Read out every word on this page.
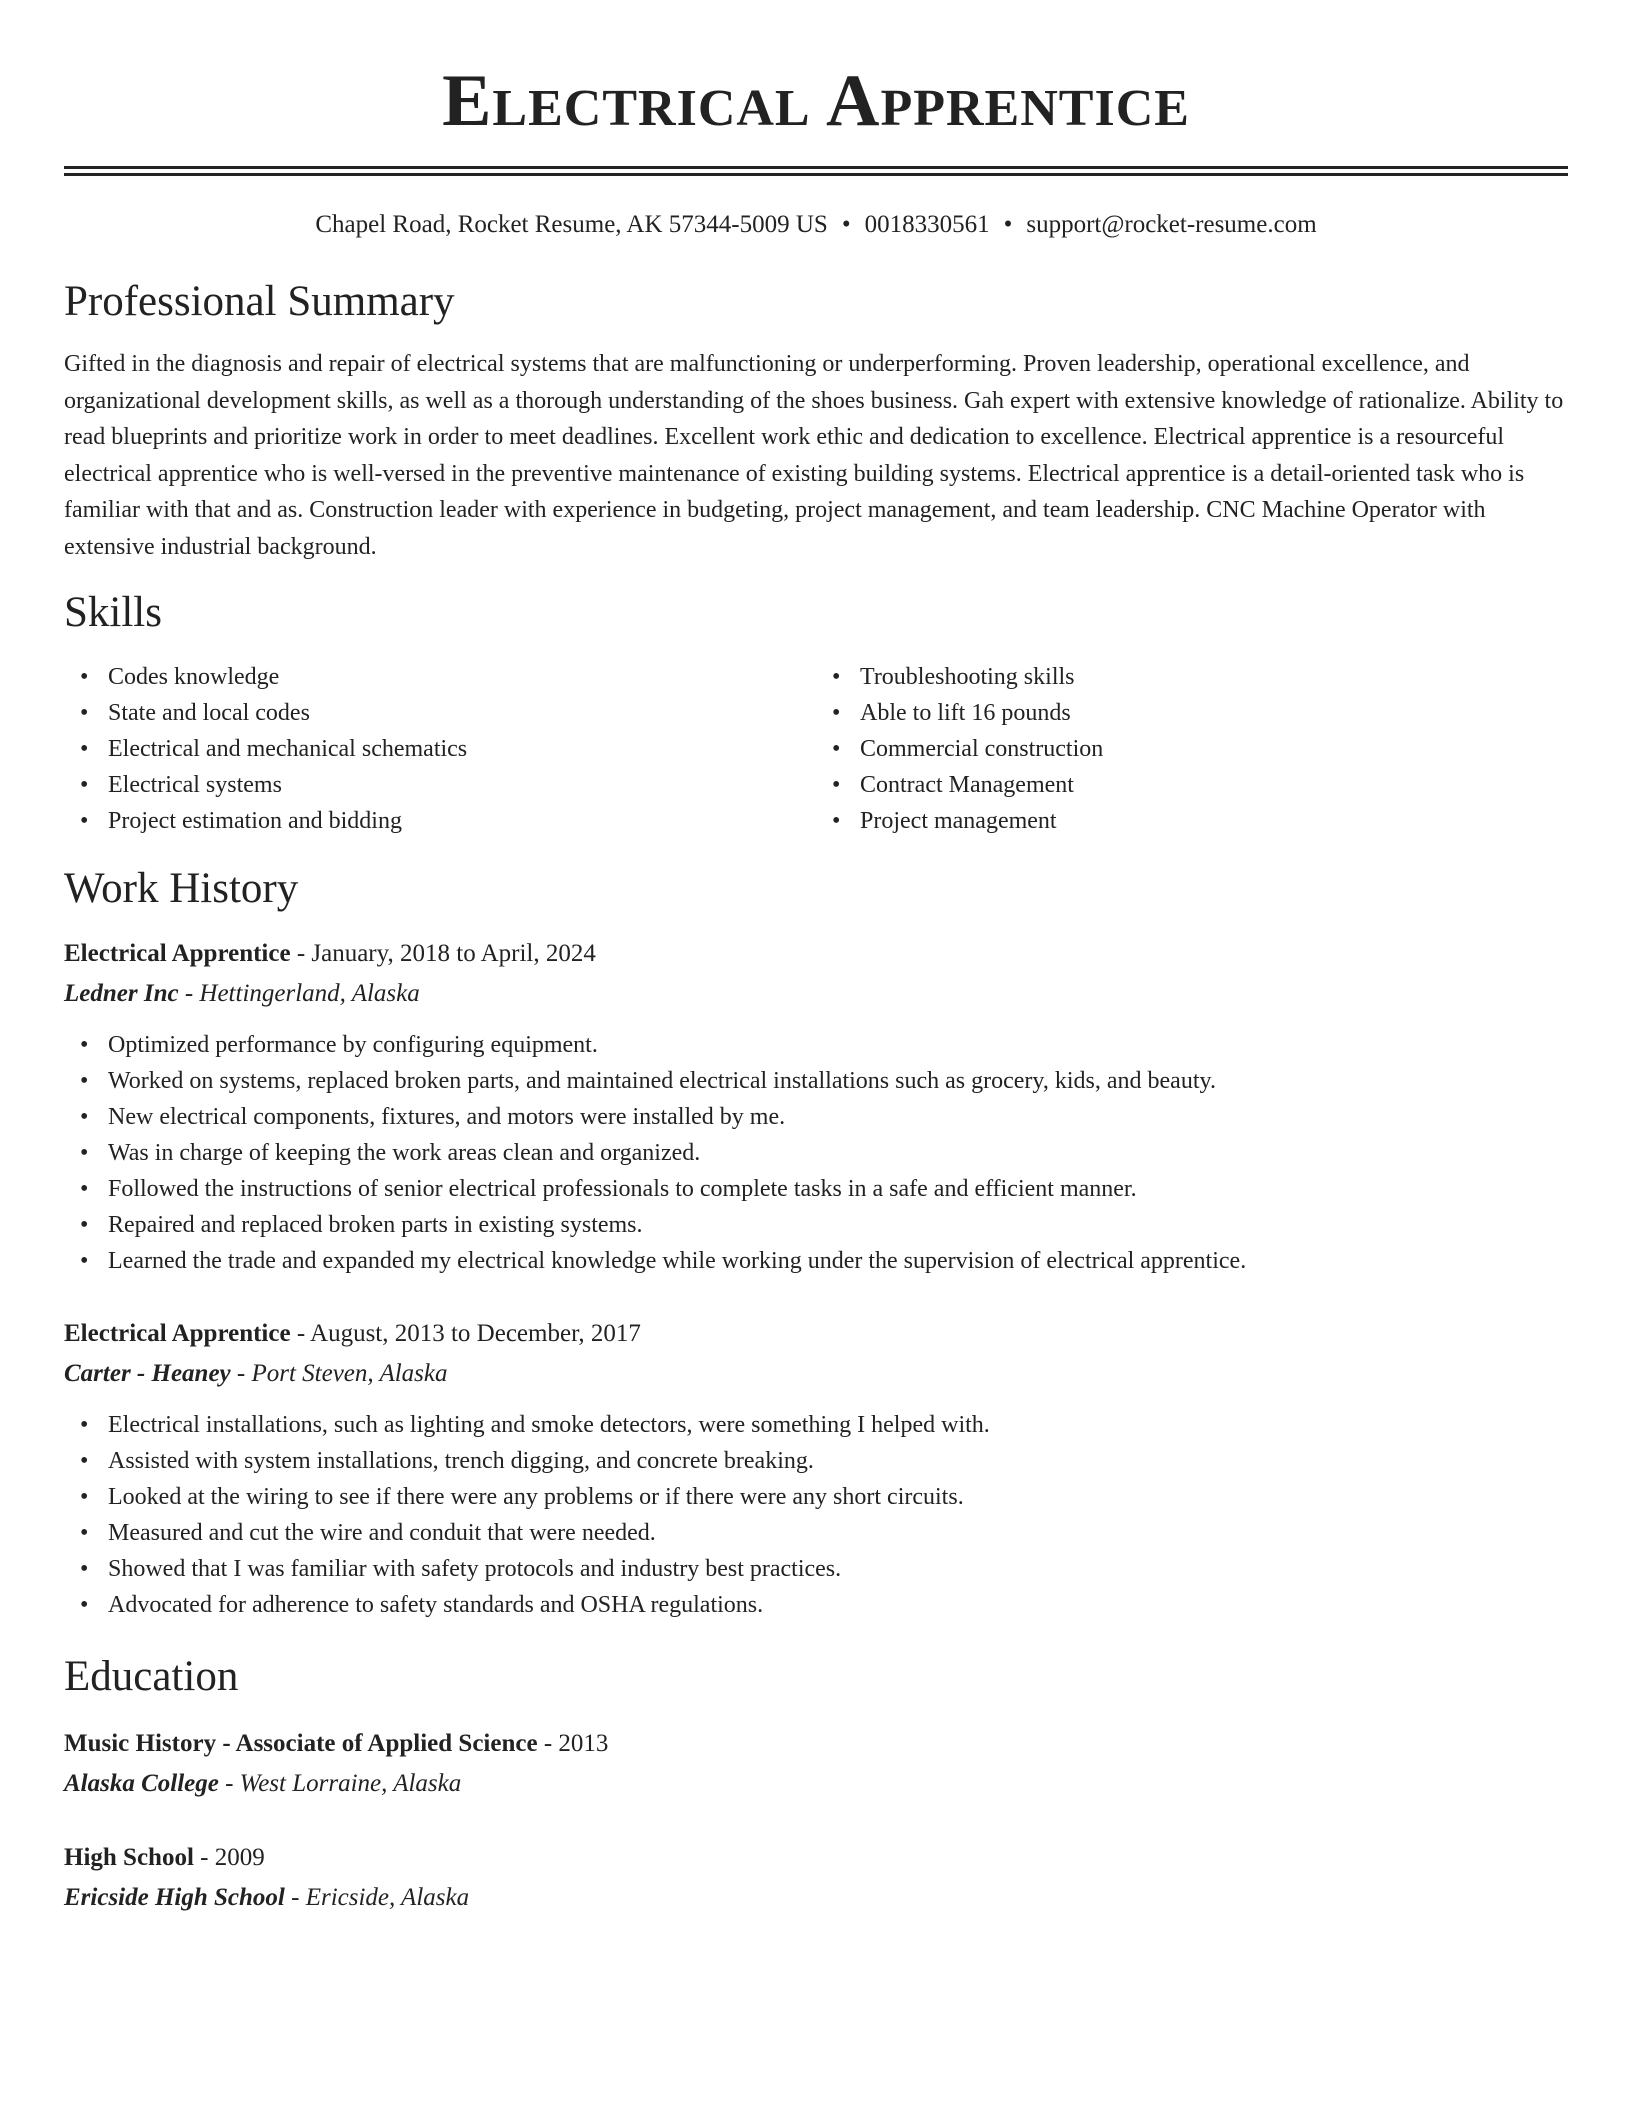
Electrical Apprentice
Chapel Road, Rocket Resume, AK 57344-5009 US • 0018330561 • support@rocket-resume.com
Professional Summary

Gifted in the diagnosis and repair of electrical systems that are malfunctioning or underperforming. Proven leadership, operational excellence, and organizational development skills, as well as a thorough understanding of the shoes business. Gah expert with extensive knowledge of rationalize. Ability to read blueprints and prioritize work in order to meet deadlines. Excellent work ethic and dedication to excellence. Electrical apprentice is a resourceful electrical apprentice who is well-versed in the preventive maintenance of existing building systems. Electrical apprentice is a detail-oriented task who is familiar with that and as. Construction leader with experience in budgeting, project management, and team leadership. CNC Machine Operator with extensive industrial background.

Skills
• Codes knowledge
• State and local codes
• Electrical and mechanical schematics
• Electrical systems
• Project estimation and bidding
• Troubleshooting skills
• Able to lift 16 pounds
• Commercial construction
• Contract Management
• Project management
Work History
Electrical Apprentice - January, 2018 to April, 2024
Ledner Inc - Hettingerland, Alaska
• Optimized performance by configuring equipment.
• Worked on systems, replaced broken parts, and maintained electrical installations such as grocery, kids, and beauty.
• New electrical components, fixtures, and motors were installed by me.
• Was in charge of keeping the work areas clean and organized.
• Followed the instructions of senior electrical professionals to complete tasks in a safe and efficient manner.
• Repaired and replaced broken parts in existing systems.
• Learned the trade and expanded my electrical knowledge while working under the supervision of electrical apprentice.
Electrical Apprentice - August, 2013 to December, 2017
Carter - Heaney - Port Steven, Alaska
• Electrical installations, such as lighting and smoke detectors, were something I helped with.
• Assisted with system installations, trench digging, and concrete breaking.
• Looked at the wiring to see if there were any problems or if there were any short circuits.
• Measured and cut the wire and conduit that were needed.
• Showed that I was familiar with safety protocols and industry best practices.
• Advocated for adherence to safety standards and OSHA regulations.
Education
Music History - Associate of Applied Science - 2013
Alaska College - West Lorraine, Alaska
High School - 2009
Ericside High School - Ericside, Alaska
